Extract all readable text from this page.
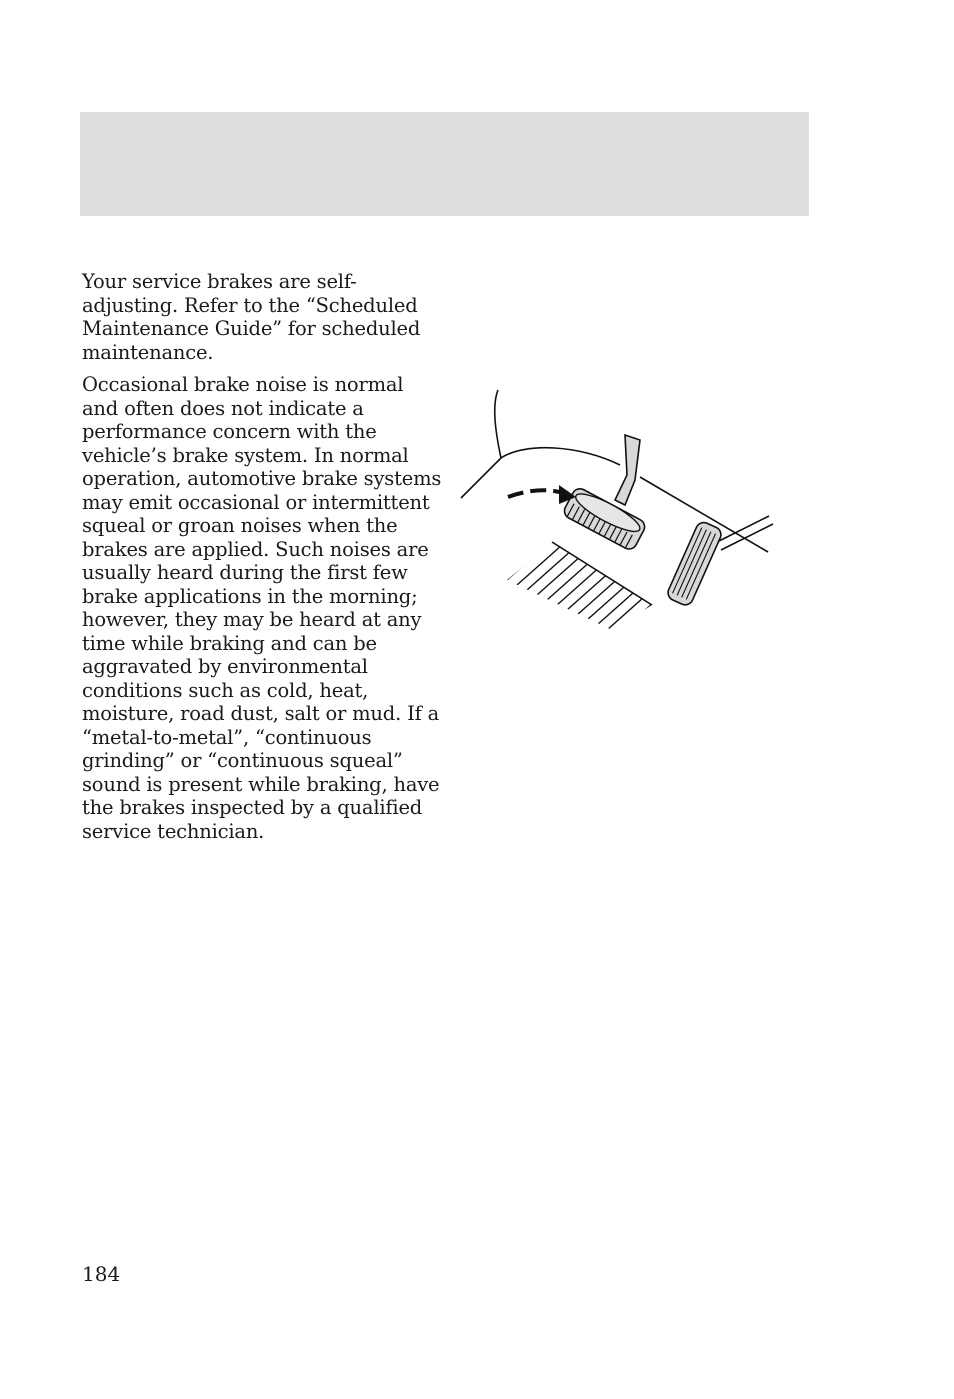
Your service brakes are self-adjusting. Refer to the “Scheduled Maintenance Guide” for scheduled maintenance.

Occasional brake noise is normal and often does not indicate a performance concern with the vehicle’s brake system. In normal operation, automotive brake systems may emit occasional or intermittent squeal or groan noises when the brakes are applied. Such noises are usually heard during the first few brake applications in the morning; however, they may be heard at any time while braking and can be aggravated by environmental conditions such as cold, heat, moisture, road dust, salt or mud. If a “metal-to-metal”, “continuous grinding” or “continuous squeal” sound is present while braking, have the brakes inspected by a qualified service technician.

184
